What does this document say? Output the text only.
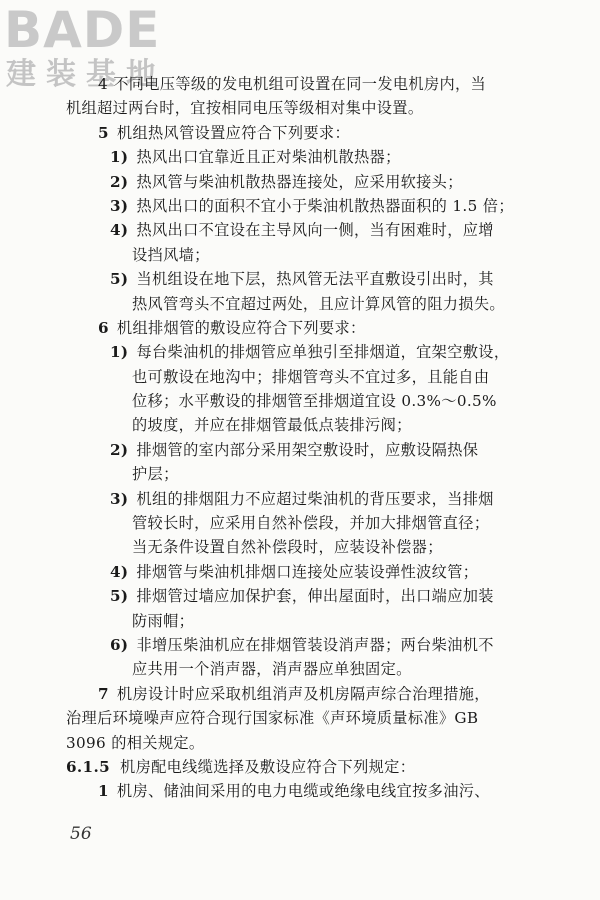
BADE
建装基地
4 不同电压等级的发电机组可设置在同一发电机房内，当
机组超过两台时，宜按相同电压等级相对集中设置。
5 机组热风管设置应符合下列要求：
1) 热风出口宜靠近且正对柴油机散热器；
2) 热风管与柴油机散热器连接处，应采用软接头；
3) 热风出口的面积不宜小于柴油机散热器面积的 1.5 倍；
4) 热风出口不宜设在主导风向一侧，当有困难时，应增
设挡风墙；
5) 当机组设在地下层，热风管无法平直敷设引出时，其
热风管弯头不宜超过两处，且应计算风管的阻力损失。
6 机组排烟管的敷设应符合下列要求：
1) 每台柴油机的排烟管应单独引至排烟道，宜架空敷设，
也可敷设在地沟中；排烟管弯头不宜过多，且能自由
位移；水平敷设的排烟管至排烟道宜设 0.3%～0.5%
的坡度，并应在排烟管最低点装排污阀；
2) 排烟管的室内部分采用架空敷设时，应敷设隔热保
护层；
3) 机组的排烟阻力不应超过柴油机的背压要求，当排烟
管较长时，应采用自然补偿段，并加大排烟管直径；
当无条件设置自然补偿段时，应装设补偿器；
4) 排烟管与柴油机排烟口连接处应装设弹性波纹管；
5) 排烟管过墙应加保护套，伸出屋面时，出口端应加装
防雨帽；
6) 非增压柴油机应在排烟管装设消声器；两台柴油机不
应共用一个消声器，消声器应单独固定。
7 机房设计时应采取机组消声及机房隔声综合治理措施，
治理后环境噪声应符合现行国家标准《声环境质量标准》GB
3096 的相关规定。
6.1.5 机房配电线缆选择及敷设应符合下列规定：
1 机房、储油间采用的电力电缆或绝缘电线宜按多油污、
56
